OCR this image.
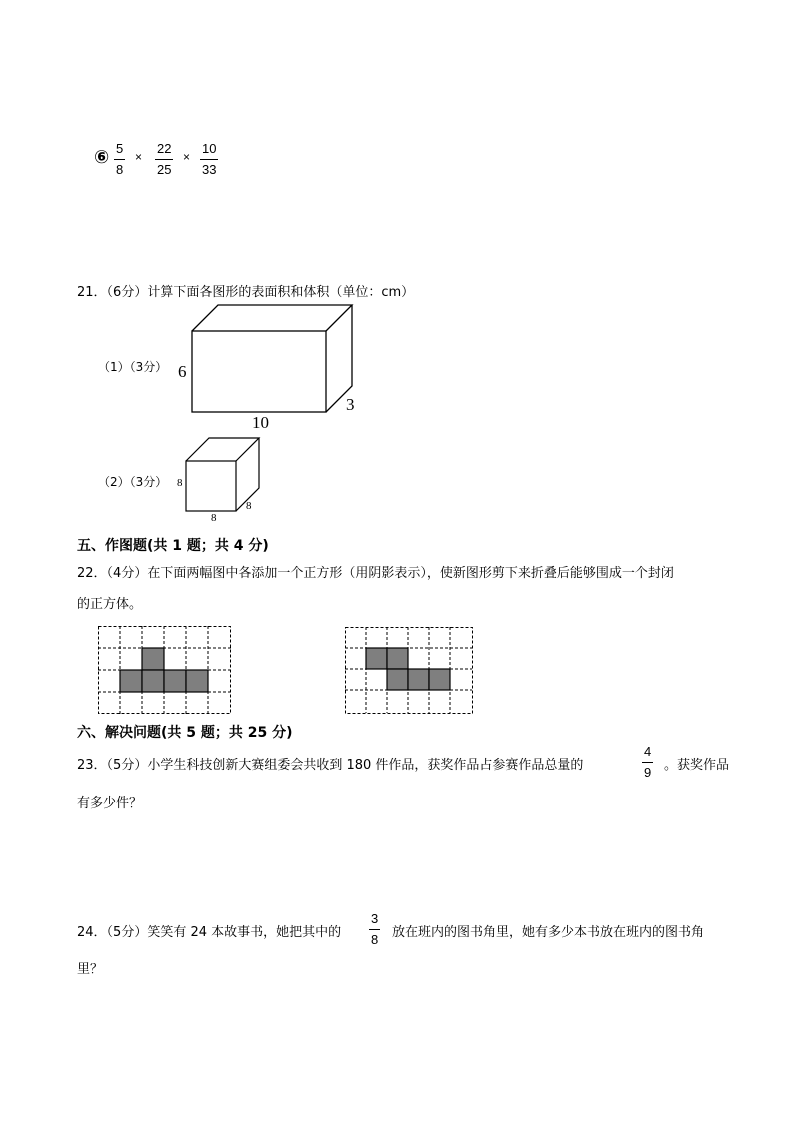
⑥ 5
8
×
22
25
×
10
33
21．（6分）计算下面各图形的表面积和体积（单位：cm）
（1）（3分） 6
10
3
（2）（3分） 8
8
8
五、作图题(共 1 题；共 4 分)
22．（4分）在下面两幅图中各添加一个正方形（用阴影表示），使新图形剪下来折叠后能够围成一个封闭
的正方体。
六、解决问题(共 5 题；共 25 分)
23．（5分）小学生科技创新大赛组委会共收到 180 件作品，获奖作品占参赛作品总量的
4
9 。获奖作品
有多少件？
24．（5分）笑笑有 24 本故事书，她把其中的
3
8 放在班内的图书角里，她有多少本书放在班内的图书角
里？
